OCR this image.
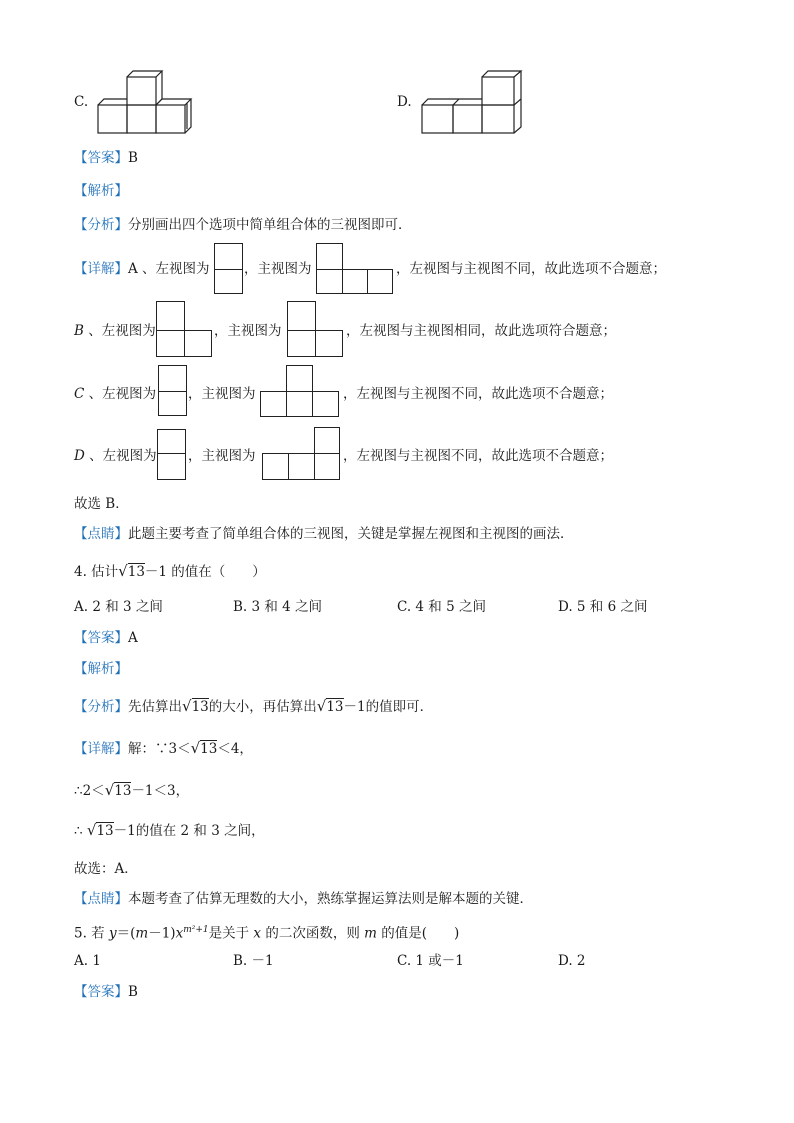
C.	D.
【答案】B
【解析】
【分析】分别画出四个选项中简单组合体的三视图即可．
【详解】A 、左视图为	，主视图为	，左视图与主视图不同，故此选项不合题意；
B 、左视图为	，主视图为	，左视图与主视图相同，故此选项符合题意；
C 、左视图为 ，主视图为	，左视图与主视图不同，故此选项不合题意；
D 、左视图为 ，主视图为	，左视图与主视图不同，故此选项不合题意；
故选 B．
【点睛】此题主要考查了简单组合体的三视图，关键是掌握左视图和主视图的画法．
4. 估计√13－1 的值在（　　）
A. 2 和 3 之间	B. 3 和 4 之间	C. 4 和 5 之间	D. 5 和 6 之间
【答案】A
【解析】
【分析】先估算出√13的大小，再估算出√13－1的值即可．
【详解】解：∵3＜√13＜4，
∴2＜√13－1＜3，
∴ √13－1的值在 2 和 3 之间，
故选：A．
【点睛】本题考查了估算无理数的大小，熟练掌握运算法则是解本题的关键．
5. 若 $y=(m-1)x^{m^2+1}$是关于 x 的二次函数，则 m 的值是(　　)
A. 1	B. －1	C. 1 或－1	D. 2
【答案】B
